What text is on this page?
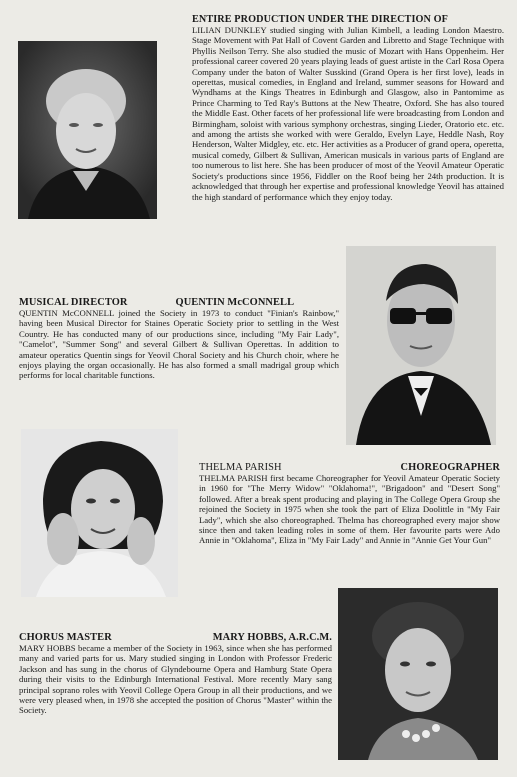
ENTIRE PRODUCTION UNDER THE DIRECTION OF

LILIAN DUNKLEY studied singing with Julian Kimbell, a leading London Maestro. Stage Movement with Pat Hall of Covent Garden and Libretto and Stage Technique with Phyllis Neilson Terry. She also studied the music of Mozart with Hans Oppenheim. Her professional career covered 20 years playing leads of guest artiste in the Carl Rosa Opera Company under the baton of Walter Susskind (Grand Opera is her first love), leads in operettas, musical comedies, in England and Ireland, summer seasons for Howard and Wyndhams at the Kings Theatres in Edinburgh and Glasgow, also in Pantomime as Prince Charming to Ted Ray's Buttons at the New Theatre, Oxford. She has also toured the Middle East. Other facets of her professional life were broadcasting from London and Birmingham, soloist with various symphony orchestras, singing Lieder, Oratorio etc. etc. and among the artists she worked with were Geraldo, Evelyn Laye, Heddle Nash, Roy Henderson, Walter Midgley, etc. etc. Her activities as a Producer of grand opera, operetta, musical comedy, Gilbert & Sullivan, American musicals in various parts of England are too numerous to list here. She has been producer of most of the Yeovil Amateur Operatic Society's productions since 1956, Fiddler on the Roof being her 24th production. It is acknowledged that through her expertise and professional knowledge Yeovil has attained the high standard of performance which they enjoy today.

MUSICAL DIRECTOR	QUENTIN McCONNELL

QUENTIN McCONNELL joined the Society in 1973 to conduct "Finian's Rainbow," having been Musical Director for Staines Operatic Society prior to settling in the West Country. He has conducted many of our productions since, including "My Fair Lady", "Camelot", "Summer Song" and several Gilbert & Sullivan Operettas. In addition to amateur operatics Quentin sings for Yeovil Choral Society and his Church choir, where he enjoys playing the organ occasionally. He has also formed a small madrigal group which performs for local charitable functions.

THELMA PARISH	CHOREOGRAPHER

THELMA PARISH first became Choreographer for Yeovil Amateur Operatic Society in 1960 for "The Merry Widow" "Oklahoma!", "Brigadoon" and "Desert Song" followed. After a break spent producing and playing in The College Opera Group she rejoined the Society in 1975 when she took the part of Eliza Doolittle in "My Fair Lady", which she also choreographed. Thelma has choreographed every major show since then and taken leading roles in some of them. Her favourite parts were Ado Annie in "Oklahoma", Eliza in "My Fair Lady" and Annie in "Annie Get Your Gun"

CHORUS MASTER	MARY HOBBS, A.R.C.M.

MARY HOBBS became a member of the Society in 1963, since when she has performed many and varied parts for us. Mary studied singing in London with Professor Frederic Jackson and has sung in the chorus of Glyndebourne Opera and Hamburg State Opera during their visits to the Edinburgh International Festival. More recently Mary sang principal soprano roles with Yeovil College Opera Group in all their productions, and we were very pleased when, in 1978 she accepted the position of Chorus "Master" within the Society.
